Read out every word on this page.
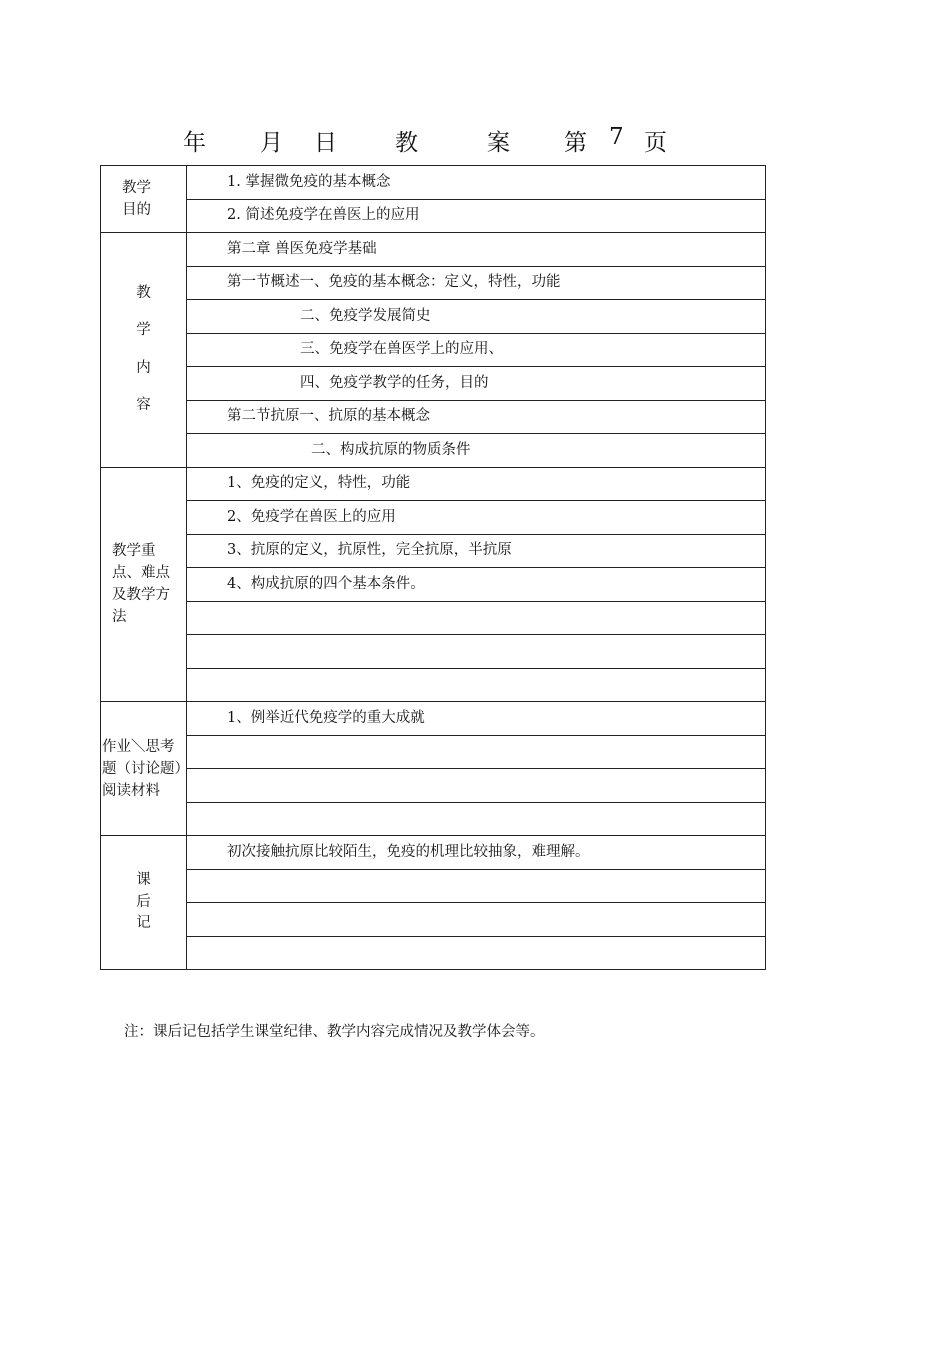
年 月 日	教	案 第 7 页
教学目的	1. 掌握微免疫的基本概念
	2. 简述免疫学在兽医上的应用

教
学
内
容	第二章 兽医免疫学基础
	第一节概述一、免疫的基本概念：定义，特性，功能
	二、免疫学发展简史
	三、免疫学在兽医学上的应用、
	四、免疫学教学的任务，目的
	第二节抗原一、抗原的基本概念
	二、构成抗原的物质条件

教学重点、难点及教学方法	1、免疫的定义，特性，功能
	2、免疫学在兽医上的应用
	3、抗原的定义，抗原性，完全抗原，半抗原
	4、构成抗原的四个基本条件。

作业＼思考题（讨论题）阅读材料	1、例举近代免疫学的重大成就

课
后
记	初次接触抗原比较陌生，免疫的机理比较抽象，难理解。

注：课后记包括学生课堂纪律、教学内容完成情况及教学体会等。
